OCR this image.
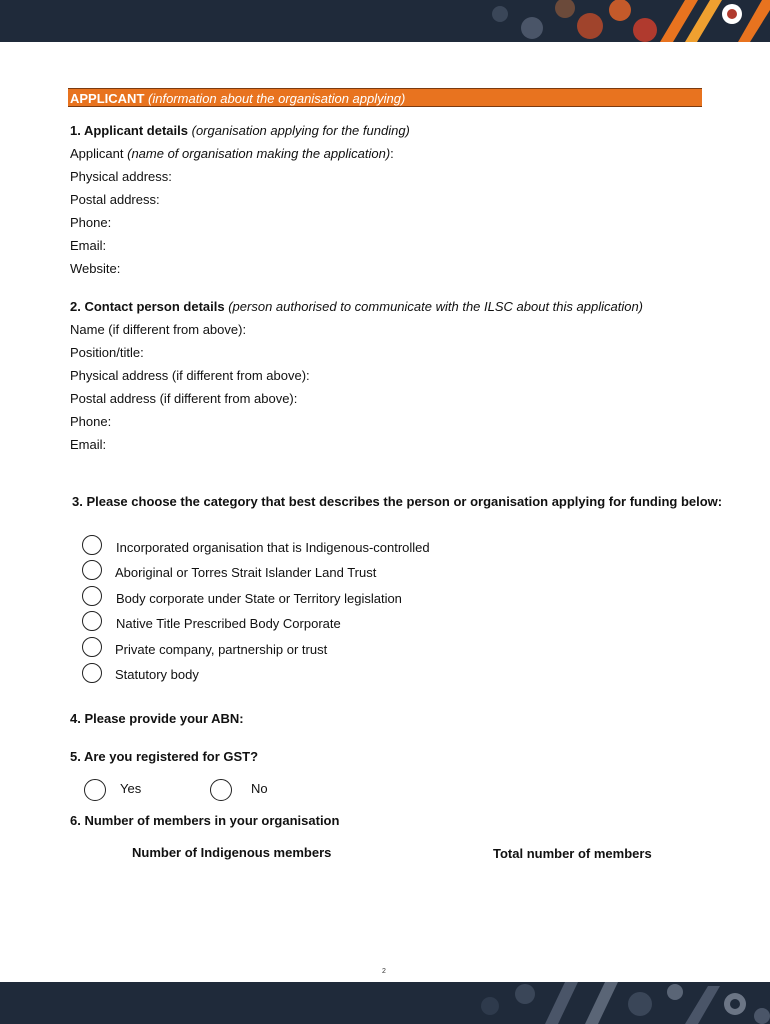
APPLICANT (information about the organisation applying)
1. Applicant details (organisation applying for the funding)
Applicant (name of organisation making the application):
Physical address:
Postal address:
Phone:
Email:
Website:
2. Contact person details (person authorised to communicate with the ILSC about this application)
Name (if different from above):
Position/title:
Physical address (if different from above):
Postal address (if different from above):
Phone:
Email:
3. Please choose the category that best describes the person or organisation applying for funding below:
Incorporated organisation that is Indigenous-controlled
Aboriginal or Torres Strait Islander Land Trust
Body corporate under State or Territory legislation
Native Title Prescribed Body Corporate
Private company, partnership or trust
Statutory body
4. Please provide your ABN:
5. Are you registered for GST?
Yes	No
6. Number of members in your organisation
Number of Indigenous members	Total number of members
2
